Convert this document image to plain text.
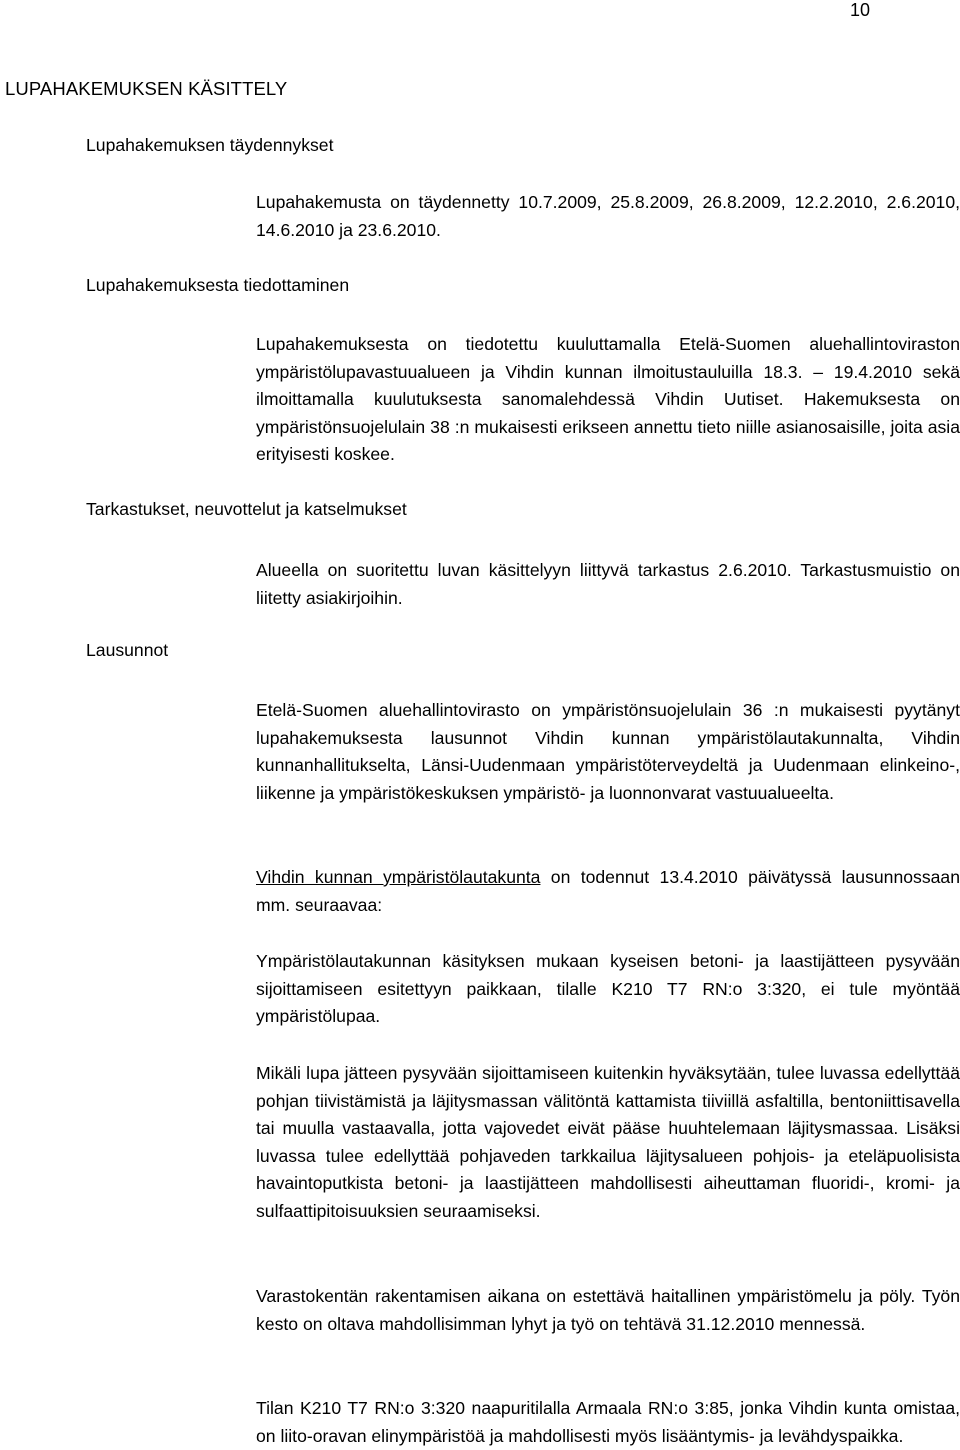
10
LUPAHAKEMUKSEN KÄSITTELY
Lupahakemuksen täydennykset

Lupahakemusta on täydennetty 10.7.2009, 25.8.2009, 26.8.2009, 12.2.2010, 2.6.2010, 14.6.2010 ja 23.6.2010.

Lupahakemuksesta tiedottaminen

Lupahakemuksesta on tiedotettu kuuluttamalla Etelä-Suomen aluehallintoviraston ympäristölupavastuualueen ja Vihdin kunnan ilmoitustauluilla 18.3. – 19.4.2010 sekä ilmoittamalla kuulutuksesta sanomalehdessä Vihdin Uutiset. Hakemuksesta on ympäristönsuojelulain 38 :n mukaisesti erikseen annettu tieto niille asianosaisille, joita asia erityisesti koskee.

Tarkastukset, neuvottelut ja katselmukset

Alueella on suoritettu luvan käsittelyyn liittyvä tarkastus 2.6.2010. Tarkastusmuistio on liitetty asiakirjoihin.

Lausunnot

Etelä-Suomen aluehallintovirasto on ympäristönsuojelulain 36 :n mukaisesti pyytänyt lupahakemuksesta lausunnot Vihdin kunnan ympäristölautakunnalta, Vihdin kunnanhallitukselta, Länsi-Uudenmaan ympäristöterveydeltä ja Uudenmaan elinkeino-, liikenne ja ympäristökeskuksen ympäristö- ja luonnonvarat vastuualueelta.

Vihdin kunnan ympäristölautakunta on todennut 13.4.2010 päivätyssä lausunnossaan mm. seuraavaa:

Ympäristölautakunnan käsityksen mukaan kyseisen betoni- ja laastijätteen pysyvään sijoittamiseen esitettyyn paikkaan, tilalle K210 T7 RN:o 3:320, ei tule myöntää ympäristölupaa.

Mikäli lupa jätteen pysyvään sijoittamiseen kuitenkin hyväksytään, tulee luvassa edellyttää pohjan tiivistämistä ja läjitysmassan välitöntä kattamista tiiviillä asfaltilla, bentoniittisavella tai muulla vastaavalla, jotta vajovedet eivät pääse huuhtelemaan läjitysmassaa. Lisäksi luvassa tulee edellyttää pohjaveden tarkkailua läjitysalueen pohjois- ja eteläpuolisista havaintoputkista betoni- ja laastijätteen mahdollisesti aiheuttaman fluoridi-, kromi- ja sulfaattipitoisuuksien seuraamiseksi.

Varastokentän rakentamisen aikana on estettävä haitallinen ympäristömelu ja pöly. Työn kesto on oltava mahdollisimman lyhyt ja työ on tehtävä 31.12.2010 mennessä.

Tilan K210 T7 RN:o 3:320 naapuritilalla Armaala RN:o 3:85, jonka Vihdin kunta omistaa, on liito-oravan elinympäristöä ja mahdollisesti myös lisääntymis- ja levähdyspaikka.
